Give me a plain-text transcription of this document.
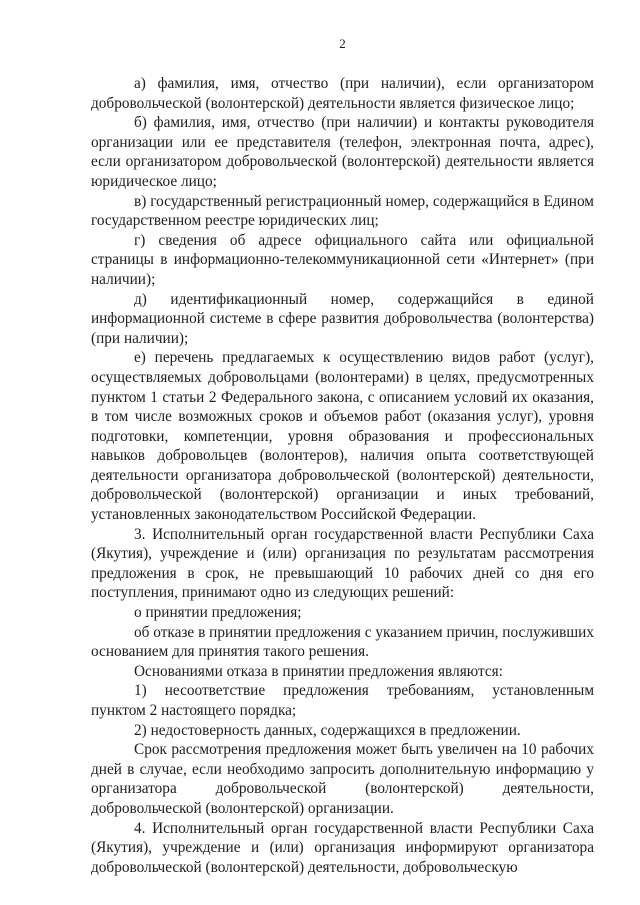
2

а) фамилия, имя, отчество (при наличии), если организатором добровольческой (волонтерской) деятельности является физическое лицо;

б) фамилия, имя, отчество (при наличии) и контакты руководителя организации или ее представителя (телефон, электронная почта, адрес), если организатором добровольческой (волонтерской) деятельности является юридическое лицо;

в) государственный регистрационный номер, содержащийся в Едином государственном реестре юридических лиц;

г) сведения об адресе официального сайта или официальной страницы в информационно-телекоммуникационной сети «Интернет» (при наличии);

д) идентификационный номер, содержащийся в единой информационной системе в сфере развития добровольчества (волонтерства) (при наличии);

е) перечень предлагаемых к осуществлению видов работ (услуг), осуществляемых добровольцами (волонтерами) в целях, предусмотренных пунктом 1 статьи 2 Федерального закона, с описанием условий их оказания, в том числе возможных сроков и объемов работ (оказания услуг), уровня подготовки, компетенции, уровня образования и профессиональных навыков добровольцев (волонтеров), наличия опыта соответствующей деятельности организатора добровольческой (волонтерской) деятельности, добровольческой (волонтерской) организации и иных требований, установленных законодательством Российской Федерации.

3. Исполнительный орган государственной власти Республики Саха (Якутия), учреждение и (или) организация по результатам рассмотрения предложения в срок, не превышающий 10 рабочих дней со дня его поступления, принимают одно из следующих решений:

о принятии предложения;

об отказе в принятии предложения с указанием причин, послуживших основанием для принятия такого решения.

Основаниями отказа в принятии предложения являются:

1) несоответствие предложения требованиям, установленным пунктом 2 настоящего порядка;

2) недостоверность данных, содержащихся в предложении.

Срок рассмотрения предложения может быть увеличен на 10 рабочих дней в случае, если необходимо запросить дополнительную информацию у организатора добровольческой (волонтерской) деятельности, добровольческой (волонтерской) организации.

4. Исполнительный орган государственной власти Республики Саха (Якутия), учреждение и (или) организация информируют организатора добровольческой (волонтерской) деятельности, добровольческую
